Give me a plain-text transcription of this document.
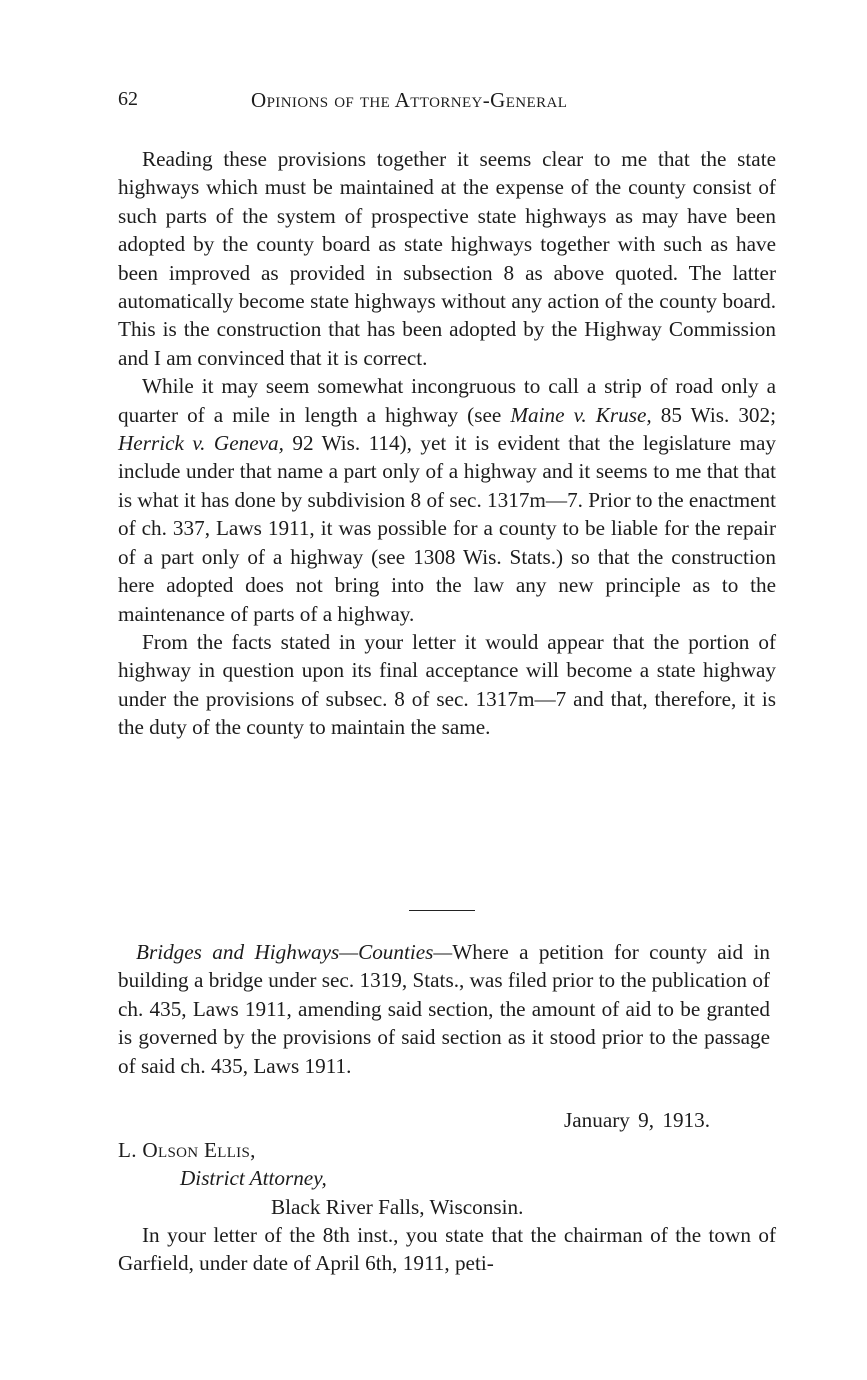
62	Opinions of the Attorney-General

Reading these provisions together it seems clear to me that the state highways which must be maintained at the expense of the county consist of such parts of the system of prospective state highways as may have been adopted by the county board as state highways together with such as have been improved as provided in subsection 8 as above quoted. The latter automatically become state highways without any action of the county board. This is the construction that has been adopted by the Highway Commission and I am convinced that it is correct.

While it may seem somewhat incongruous to call a strip of road only a quarter of a mile in length a highway (see Maine v. Kruse, 85 Wis. 302; Herrick v. Geneva, 92 Wis. 114), yet it is evident that the legislature may include under that name a part only of a highway and it seems to me that that is what it has done by subdivision 8 of sec. 1317m—7. Prior to the enactment of ch. 337, Laws 1911, it was possible for a county to be liable for the repair of a part only of a highway (see 1308 Wis. Stats.) so that the construction here adopted does not bring into the law any new principle as to the maintenance of parts of a highway.

From the facts stated in your letter it would appear that the portion of highway in question upon its final acceptance will become a state highway under the provisions of subsec. 8 of sec. 1317m—7 and that, therefore, it is the duty of the county to maintain the same.

Bridges and Highways—Counties—Where a petition for county aid in building a bridge under sec. 1319, Stats., was filed prior to the publication of ch. 435, Laws 1911, amending said section, the amount of aid to be granted is governed by the provisions of said section as it stood prior to the passage of said ch. 435, Laws 1911.

January 9, 1913.
L. Olson Ellis,
District Attorney,
Black River Falls, Wisconsin.

In your letter of the 8th inst., you state that the chairman of the town of Garfield, under date of April 6th, 1911, peti-
